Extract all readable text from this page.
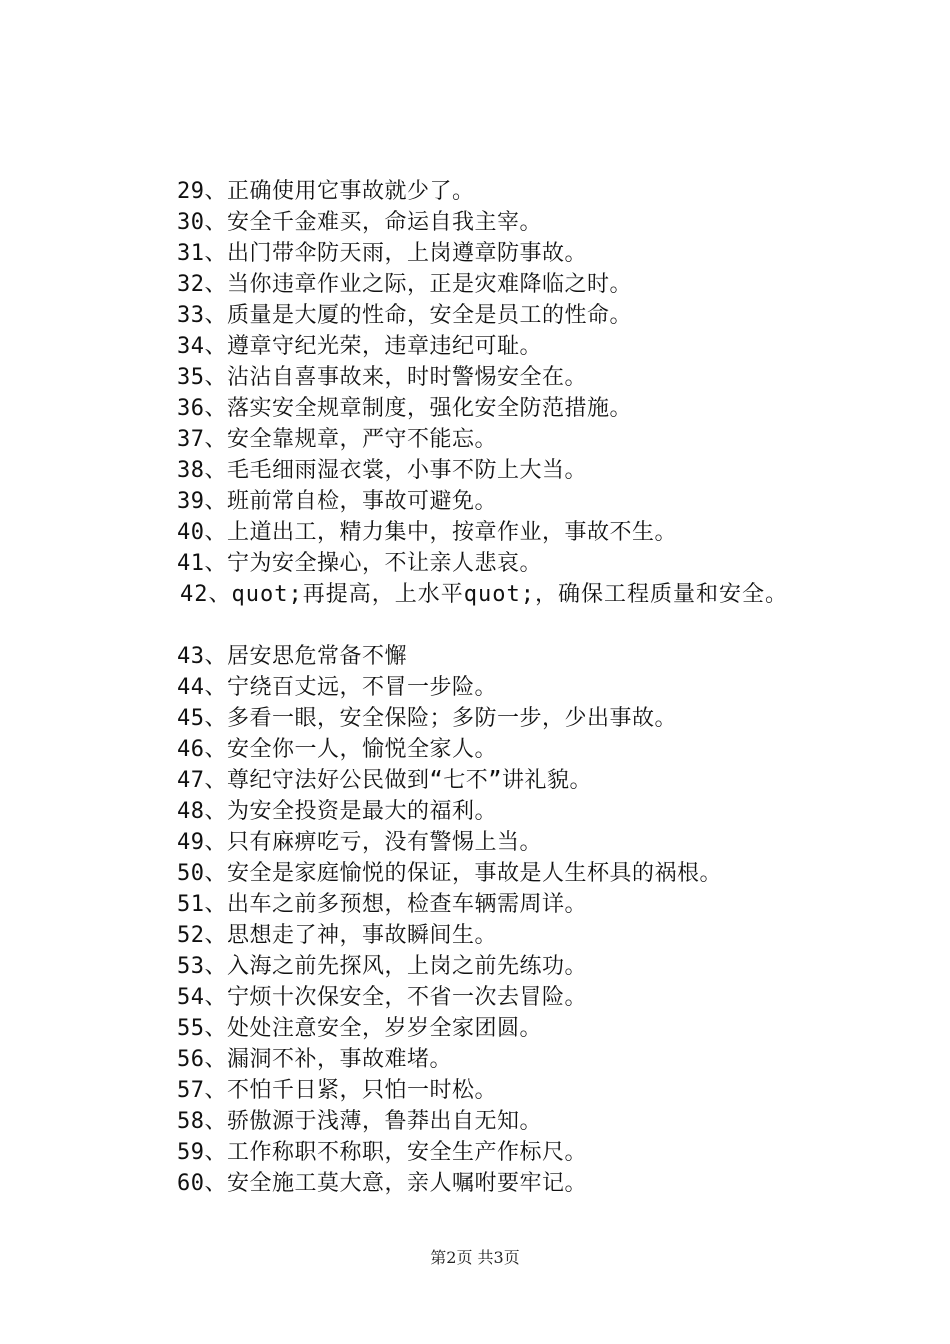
29、正确使用它事故就少了。
30、安全千金难买，命运自我主宰。
31、出门带伞防天雨，上岗遵章防事故。
32、当你违章作业之际，正是灾难降临之时。
33、质量是大厦的性命，安全是员工的性命。
34、遵章守纪光荣，违章违纪可耻。
35、沾沾自喜事故来，时时警惕安全在。
36、落实安全规章制度，强化安全防范措施。
37、安全靠规章，严守不能忘。
38、毛毛细雨湿衣裳，小事不防上大当。
39、班前常自检，事故可避免。
40、上道出工，精力集中，按章作业，事故不生。
41、宁为安全操心，不让亲人悲哀。
42、quot;再提高，上水平quot;，确保工程质量和安全。
43、居安思危常备不懈
44、宁绕百丈远，不冒一步险。
45、多看一眼，安全保险；多防一步，少出事故。
46、安全你一人，愉悦全家人。
47、尊纪守法好公民做到“七不”讲礼貌。
48、为安全投资是最大的福利。
49、只有麻痹吃亏，没有警惕上当。
50、安全是家庭愉悦的保证，事故是人生杯具的祸根。
51、出车之前多预想，检查车辆需周详。
52、思想走了神，事故瞬间生。
53、入海之前先探风，上岗之前先练功。
54、宁烦十次保安全，不省一次去冒险。
55、处处注意安全，岁岁全家团圆。
56、漏洞不补，事故难堵。
57、不怕千日紧，只怕一时松。
58、骄傲源于浅薄，鲁莽出自无知。
59、工作称职不称职，安全生产作标尺。
60、安全施工莫大意，亲人嘱咐要牢记。
第2页 共3页
